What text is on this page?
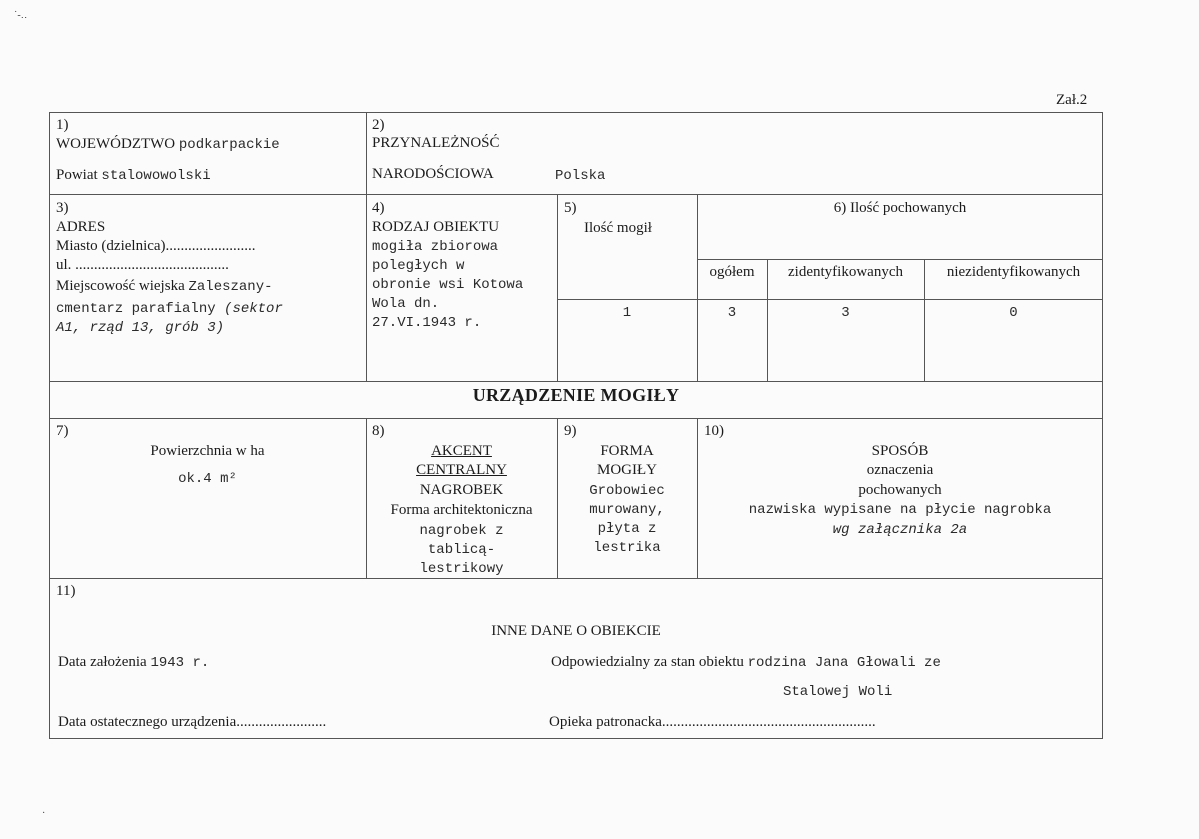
˙-‥
Zał.2
1)
WOJEWÓDZTWO podkarpackie
Powiat stalowowolski
2)
PRZYNALEŻNOŚĆ
NARODOŚCIOWA	Polska
3)
ADRES
Miasto (dzielnica)........................
ul. .........................................
Miejscowość wiejska Zaleszany-
cmentarz parafialny (sektor
A1, rząd 13, grób 3)
4)
RODZAJ OBIEKTU
mogiła zbiorowa
poległych w
obronie wsi Kotowa
Wola dn.
27.VI.1943 r.
5)
Ilość mogił
1
6) Ilość pochowanych
ogółem	zidentyfikowanych	niezidentyfikowanych
3	3	0
URZĄDZENIE MOGIŁY
7)
Powierzchnia w ha
ok.4 m²
8)
AKCENT
CENTRALNY
NAGROBEK
Forma architektoniczna
nagrobek z
tablicą-
lestrikowy
9)
FORMA
MOGIŁY
Grobowiec
murowany,
płyta z
lestrika
10)
SPOSÓB
oznaczenia
pochowanych
nazwiska wypisane na płycie nagrobka
wg załącznika 2a
11)
INNE DANE O OBIEKCIE
Data założenia 1943 r.	Odpowiedzialny za stan obiektu rodzina Jana Głowali ze
Stalowej Woli
Data ostatecznego urządzenia........................	Opieka patronacka.........................................................
·
